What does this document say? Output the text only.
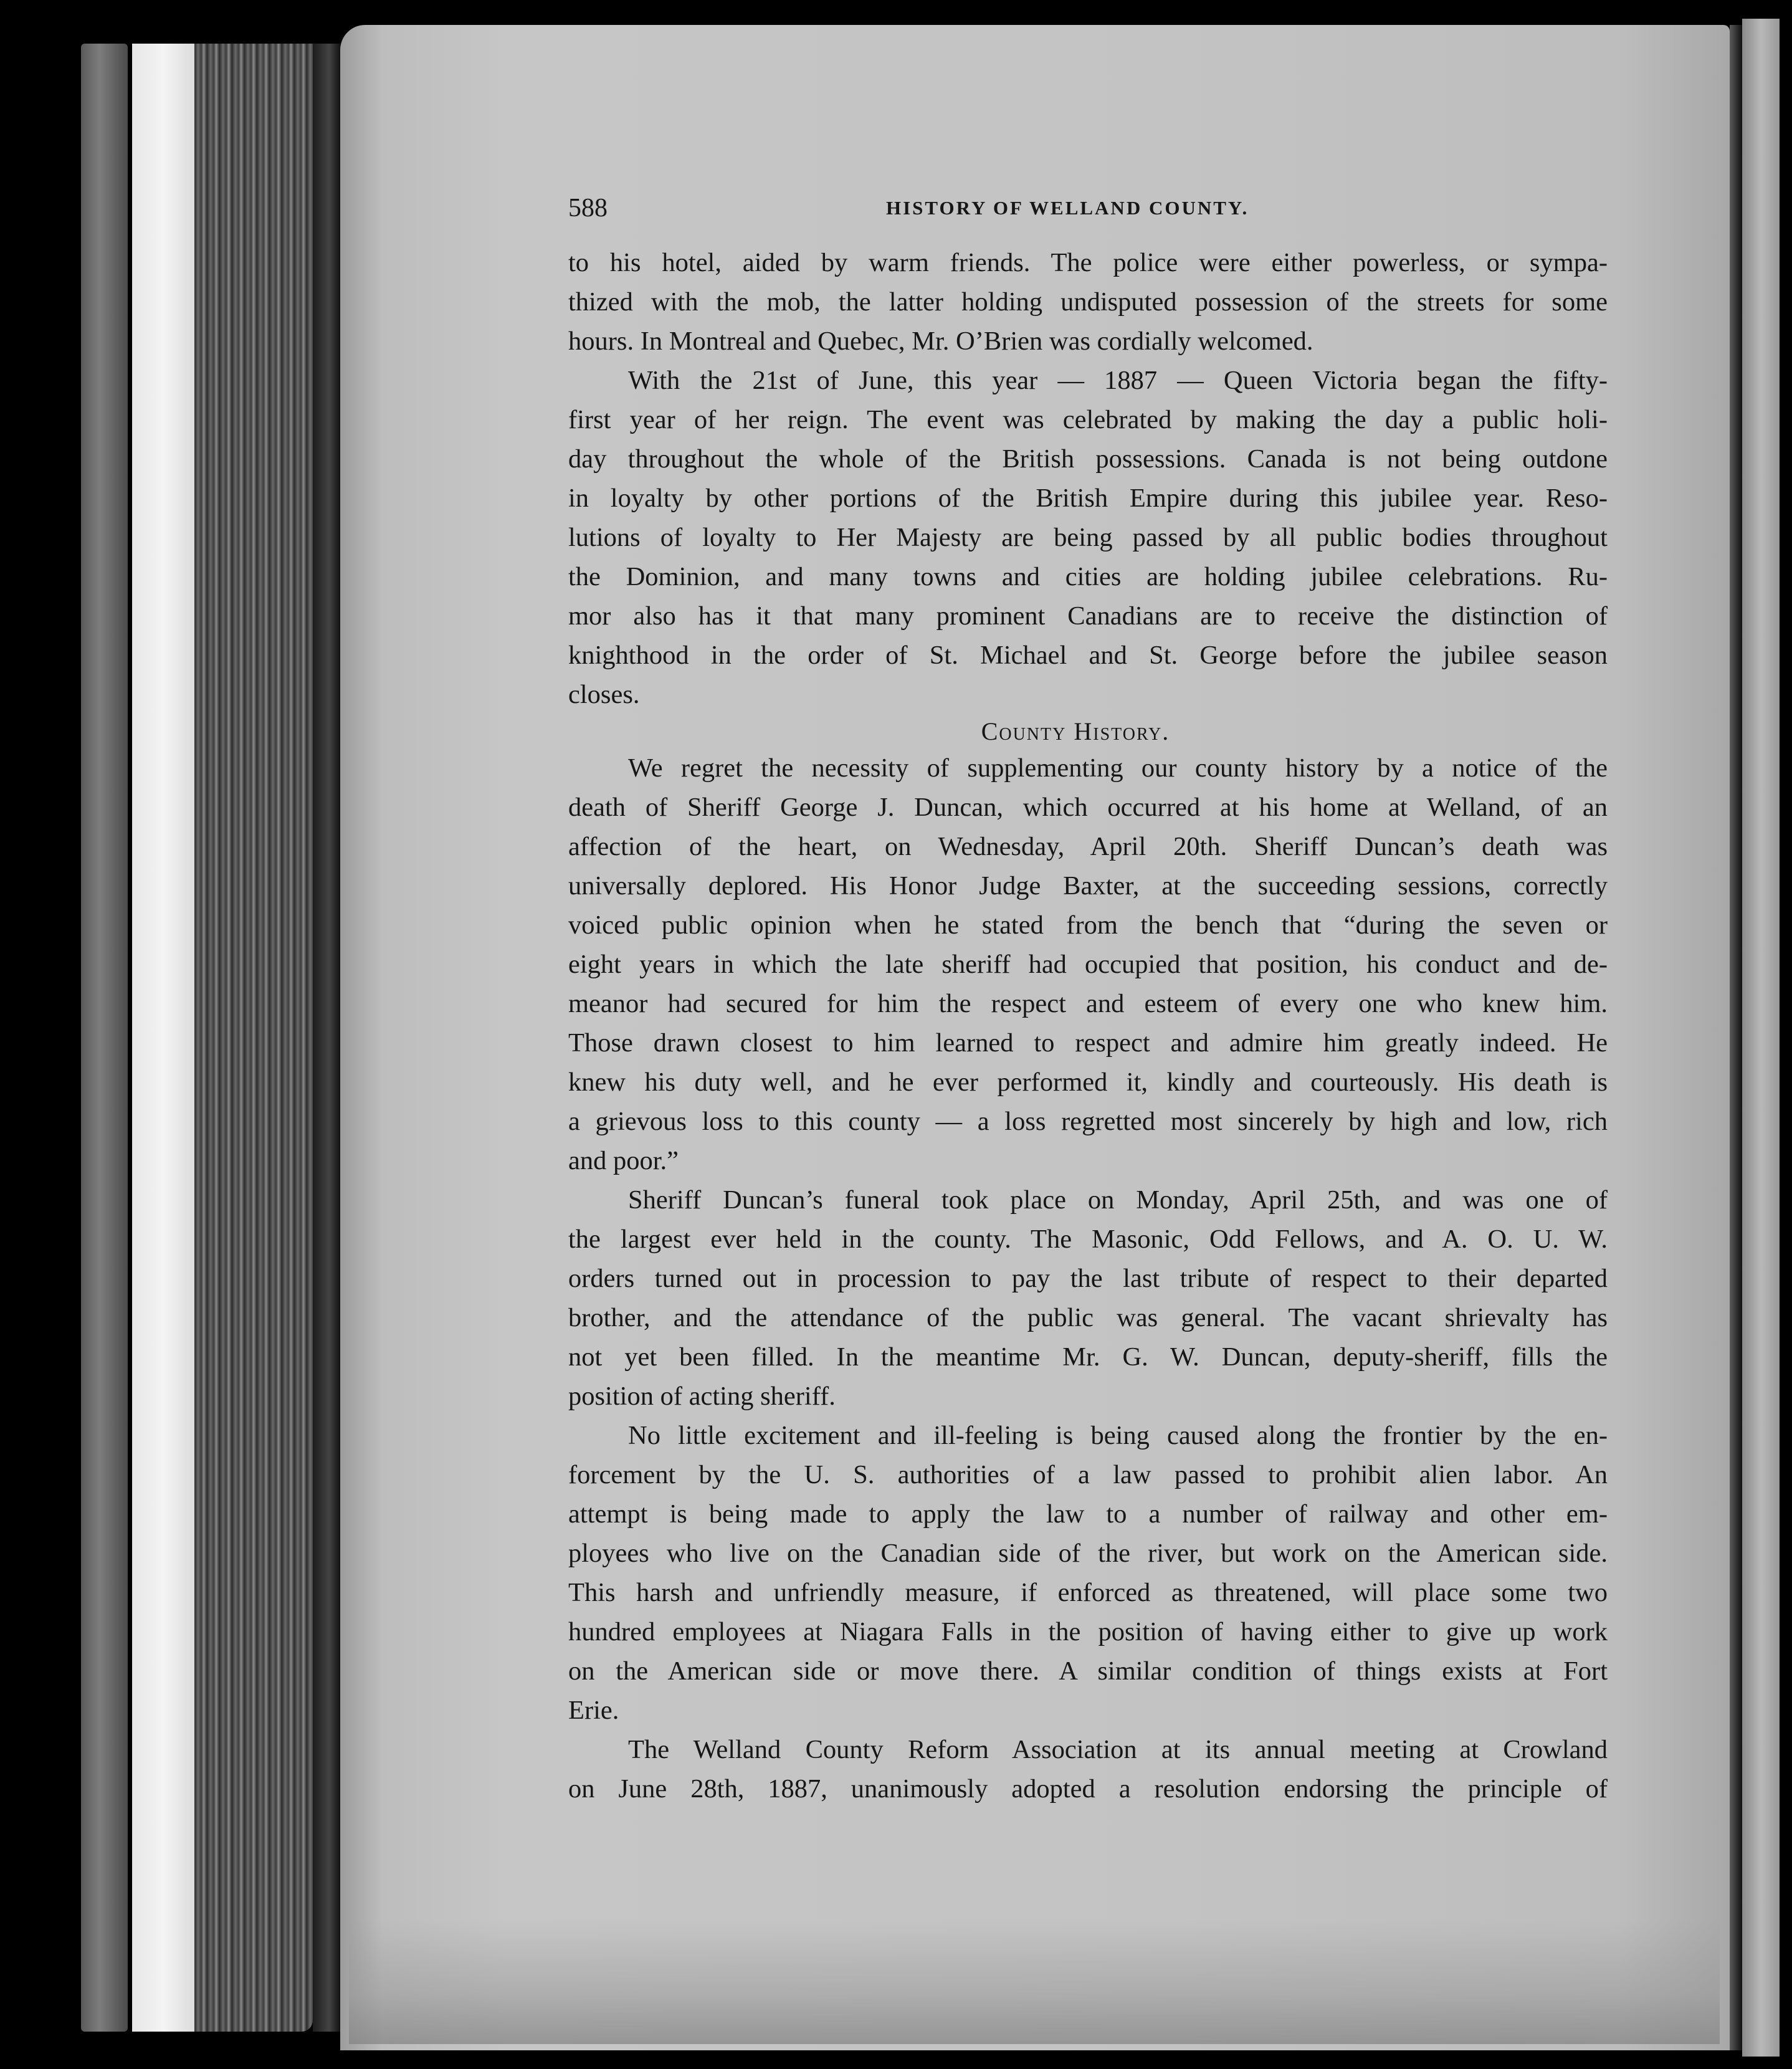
588	HISTORY OF WELLAND COUNTY.
to his hotel, aided by warm friends. The police were either powerless, or sympa-
thized with the mob, the latter holding undisputed possession of the streets for some
hours. In Montreal and Quebec, Mr. O’Brien was cordially welcomed.
With the 21st of June, this year — 1887 — Queen Victoria began the fifty-
first year of her reign. The event was celebrated by making the day a public holi-
day throughout the whole of the British possessions. Canada is not being outdone
in loyalty by other portions of the British Empire during this jubilee year. Reso-
lutions of loyalty to Her Majesty are being passed by all public bodies throughout
the Dominion, and many towns and cities are holding jubilee celebrations. Ru-
mor also has it that many prominent Canadians are to receive the distinction of
knighthood in the order of St. Michael and St. George before the jubilee season
closes.
County History.
We regret the necessity of supplementing our county history by a notice of the
death of Sheriff George J. Duncan, which occurred at his home at Welland, of an
affection of the heart, on Wednesday, April 20th. Sheriff Duncan’s death was
universally deplored. His Honor Judge Baxter, at the succeeding sessions, correctly
voiced public opinion when he stated from the bench that “during the seven or
eight years in which the late sheriff had occupied that position, his conduct and de-
meanor had secured for him the respect and esteem of every one who knew him.
Those drawn closest to him learned to respect and admire him greatly indeed. He
knew his duty well, and he ever performed it, kindly and courteously. His death is
a grievous loss to this county — a loss regretted most sincerely by high and low, rich
and poor.”
Sheriff Duncan’s funeral took place on Monday, April 25th, and was one of
the largest ever held in the county. The Masonic, Odd Fellows, and A. O. U. W.
orders turned out in procession to pay the last tribute of respect to their departed
brother, and the attendance of the public was general. The vacant shrievalty has
not yet been filled. In the meantime Mr. G. W. Duncan, deputy-sheriff, fills the
position of acting sheriff.
No little excitement and ill-feeling is being caused along the frontier by the en-
forcement by the U. S. authorities of a law passed to prohibit alien labor. An
attempt is being made to apply the law to a number of railway and other em-
ployees who live on the Canadian side of the river, but work on the American side.
This harsh and unfriendly measure, if enforced as threatened, will place some two
hundred employees at Niagara Falls in the position of having either to give up work
on the American side or move there. A similar condition of things exists at Fort
Erie.
The Welland County Reform Association at its annual meeting at Crowland
on June 28th, 1887, unanimously adopted a resolution endorsing the principle of
